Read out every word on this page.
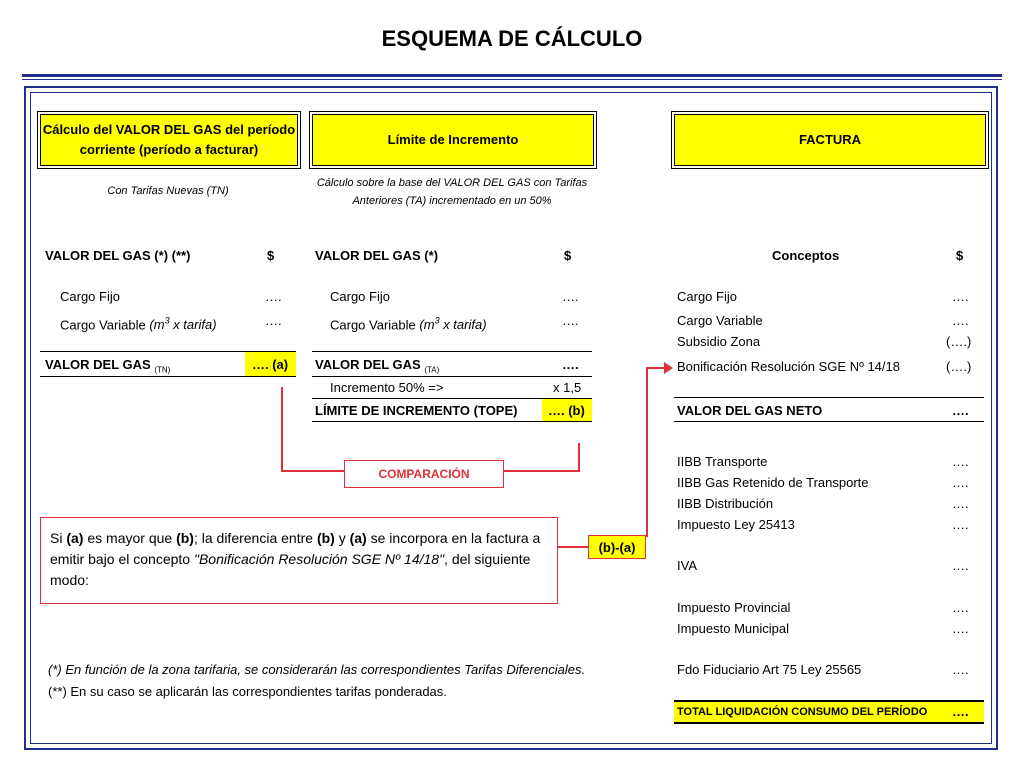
ESQUEMA DE CÁLCULO
Cálculo del VALOR DEL GAS del período corriente (período a facturar)
Límite de Incremento	FACTURA
Con Tarifas Nuevas (TN)
Cálculo sobre la base del VALOR DEL GAS con Tarifas Anteriores (TA) incrementado en un 50%
VALOR DEL GAS (*) (**)	$
Cargo Fijo	….
Cargo Variable ($m^3$ x tarifa)	….
VALOR DEL GAS $_{(TN)}$	…. (a)
VALOR DEL GAS (*)	$
Cargo Fijo	….
Cargo Variable ($m^3$ x tarifa)	….
VALOR DEL GAS $_{(TA)}$	….
Incremento 50% =>	x 1,5
LÍMITE DE INCREMENTO (TOPE) …. (b)
COMPARACIÓN
Si (a) es mayor que (b); la diferencia entre (b) y (a) se incorpora en la factura a emitir bajo el concepto "Bonificación Resolución SGE Nº 14/18", del siguiente modo:
(b)-(a)
Conceptos	$
Cargo Fijo	….
Cargo Variable	….
Subsidio Zona	(….)
Bonificación Resolución SGE Nº 14/18	(….)
VALOR DEL GAS NETO	….
IIBB Transporte	….
IIBB Gas Retenido de Transporte	….
IIBB Distribución	….
Impuesto Ley 25413	….
IVA	….
Impuesto Provincial	….
Impuesto Municipal	….
Fdo Fiduciario Art 75 Ley 25565	….
TOTAL LIQUIDACIÓN CONSUMO DEL PERÍODO ….
(*) En función de la zona tarifaria, se considerarán las correspondientes Tarifas Diferenciales.
(**) En su caso se aplicarán las correspondientes tarifas ponderadas.
